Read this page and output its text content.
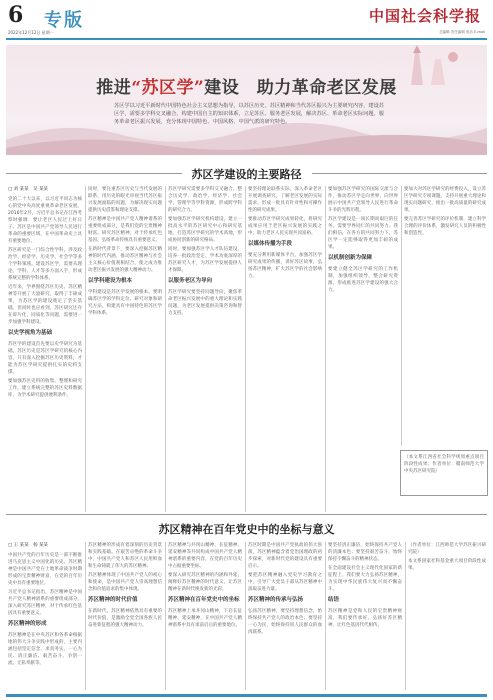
6 专版
2022年12月12日 星期一
中国社会科学报
总编辑 责任编辑 电话 E-mail
推进“苏区学”建设　助力革命老区发展
苏区学以习近平新时代中国特色社会主义思想为指导，以苏区历史、苏区精神和当代苏区振兴为主要研究内容，建设苏区学，需要多学科交叉融合，构建中国自主的知识体系，立足苏区、服务老区发展，解决苏区、革命老区实际问题，服务革命老区振兴发展，充分体现中国特色、中国风格、中国气派的研究特色。
苏区学建设的主要路径
□ 刘 某某　吴 某某
党的二十大以来，以习近平同志为核心的党中央高度重视革命老区发展。2016年2月，习近平总书记在江西考察时强调：要让老区人民过上好日子。苏区是中国共产党领导人民进行革命的重要区域，在中国革命史上具有重要地位。
苏区研究是一门综合性学科，涉及政治学、经济学、历史学、社会学等多个学科领域。建设苏区学，需要从理论、学科、人才等多方面入手，形成系统完整的学科体系。
近年来，学界围绕苏区历史、苏区精神等开展了大量研究，取得了丰硕成果，为苏区学的建设奠定了坚实基础。但同时也应看到，苏区研究还存在碎片化、同质化等问题，需要进一步加强学科建设。
以史学视角为基础
苏区学的建设首先要以史学研究为基础。苏区历史是苏区学研究的核心内容，只有深入挖掘苏区历史资料，才能为苏区学研究提供扎实的史料支撑。
要加强苏区史料的收集、整理和研究工作，建立系统完整的苏区史料数据库，为学术研究提供便利条件。
同时，要注重苏区历史与当代发展的联系，用历史的眼光审视当代苏区振兴发展面临的问题，为解决现实问题提供历史借鉴和理论支撑。
苏区精神是中国共产党人精神谱系的重要组成部分，是我们党的宝贵精神财富。研究苏区精神，对于传承红色基因、弘扬革命传统具有重要意义。
在新时代背景下，要深入挖掘苏区精神的时代内涵，推动苏区精神与社会主义核心价值观相结合，使之成为推动老区振兴发展的强大精神动力。
以学科建设为根本
学科建设是苏区学发展的根本。要明确苏区学的学科定位、研究对象和研究方法，构建具有中国特色的苏区学学科体系。
苏区学研究需要多学科交叉融合，整合历史学、政治学、经济学、社会学、管理学等学科资源，形成跨学科的研究合力。
要加强苏区学研究机构建设，建立一批高水平的苏区研究中心和研究基地，打造苏区学研究的学术高地，形成协同创新的研究格局。
同时，要加强苏区学人才队伍建设，培养一批政治坚定、学术功底深厚的苏区研究人才，为苏区学发展提供人才保障。
以服务老区为导向
苏区学研究要坚持问题导向，聚焦革命老区振兴发展中的重大理论和实践问题，为老区发展提供决策咨询和智力支持。
要坚持理论联系实际，深入革命老区开展调查研究，了解老区发展的实际需求，形成一批具有针对性和可操作性的研究成果。
要推动苏区学研究成果转化，将研究成果应用于老区振兴发展的实践之中，助力老区人民实现共同富裕。
以媒体传播为手段
要充分利用新媒体平台，加强苏区学研究成果的传播，讲好苏区故事，弘扬苏区精神，扩大苏区学的社会影响力。
要加强苏区学研究的国际交流与合作，推动苏区学走向世界，向世界展示中国共产党领导人民进行革命斗争的光辉历程。
苏区学建设是一项长期而艰巨的任务，需要学界同仁的共同努力。我们相信，在各方的共同努力下，苏区学一定能够取得更加丰硕的成果。
以机制创新为保障
要建立健全苏区学研究的工作机制，加强组织领导，整合研究资源，形成推进苏区学建设的强大合力。
要加大对苏区学研究的经费投入，设立苏区学研究专项课题，支持开展重大理论和现实问题研究，推出一批高质量的研究成果。
要完善苏区学研究的评价机制，建立科学合理的评价体系，激发研究人员的积极性和创造性。
（本文系江西省社会科学规划重点项目阶段性成果；作者单位：赣南师范大学中央苏区研究院）
苏区精神在百年党史中的坐标与意义
□ 王 某某　杨 某某
中国共产党的百年历史是一部不断推进马克思主义中国化的历史。苏区精神是中国共产党在土地革命战争时期形成的宝贵精神财富，在党的百年历史中具有重要地位。
习近平总书记指出，苏区精神是中国共产党人精神谱系的重要组成部分。深入研究苏区精神，对于传承红色基因具有重要意义。
苏区精神的形成
苏区精神是在中央苏区和各革命根据地的伟大斗争实践中形成的，主要内涵包括坚定信念、求真务实、一心为民、清正廉洁、艰苦奋斗、争创一流、无私奉献等。
苏区精神的形成有着深刻的历史背景和实践基础。在艰苦卓绝的革命斗争中，中国共产党人和苏区人民用鲜血和生命铸就了伟大的苏区精神。
苏区精神体现了中国共产党人的初心和使命，是中国共产党人崇高理想信念和价值追求的集中体现。
苏区精神的时代价值
在新时代，苏区精神依然具有重要的时代价值，是激励全党全国各族人民奋进新征程的强大精神动力。
苏区精神与井冈山精神、长征精神、延安精神等共同构成中国共产党人精神谱系的重要内容，在党的百年历史中占据重要坐标。
要深入研究苏区精神的内涵和外延，阐释好苏区精神的时代意义，让苏区精神在新时代焕发新的光彩。
苏区精神在百年党史中的坐标
苏区精神上承井冈山精神，下启长征精神、延安精神，在中国共产党人精神谱系中具有承前启后的重要地位。
苏区时期是中国共产党执政的伟大预演，苏区精神蕴含着党治国理政的初步探索，对新时代党的建设具有重要启示。
要把苏区精神融入党史学习教育之中，引导广大党员干部从苏区精神中汲取奋进力量。
苏区精神的传承与弘扬
弘扬苏区精神，要坚持理想信念，始终保持共产党人的政治本色；要坚持一心为民，始终保持同人民群众的血肉联系。
要坚持清正廉洁，始终保持共产党人的清廉本色；要坚持艰苦奋斗，始终保持不懈奋斗的精神状态。
在全面建设社会主义现代化国家的新征程上，我们要大力弘扬苏区精神，为实现中华民族伟大复兴而不懈奋斗。
结语
苏区精神是党和人民的宝贵精神财富，我们要传承好、弘扬好苏区精神，让红色基因代代相传。
（作者单位：江西师范大学苏区振兴研究院）
本文系国家社科基金重大项目阶段性成果。
